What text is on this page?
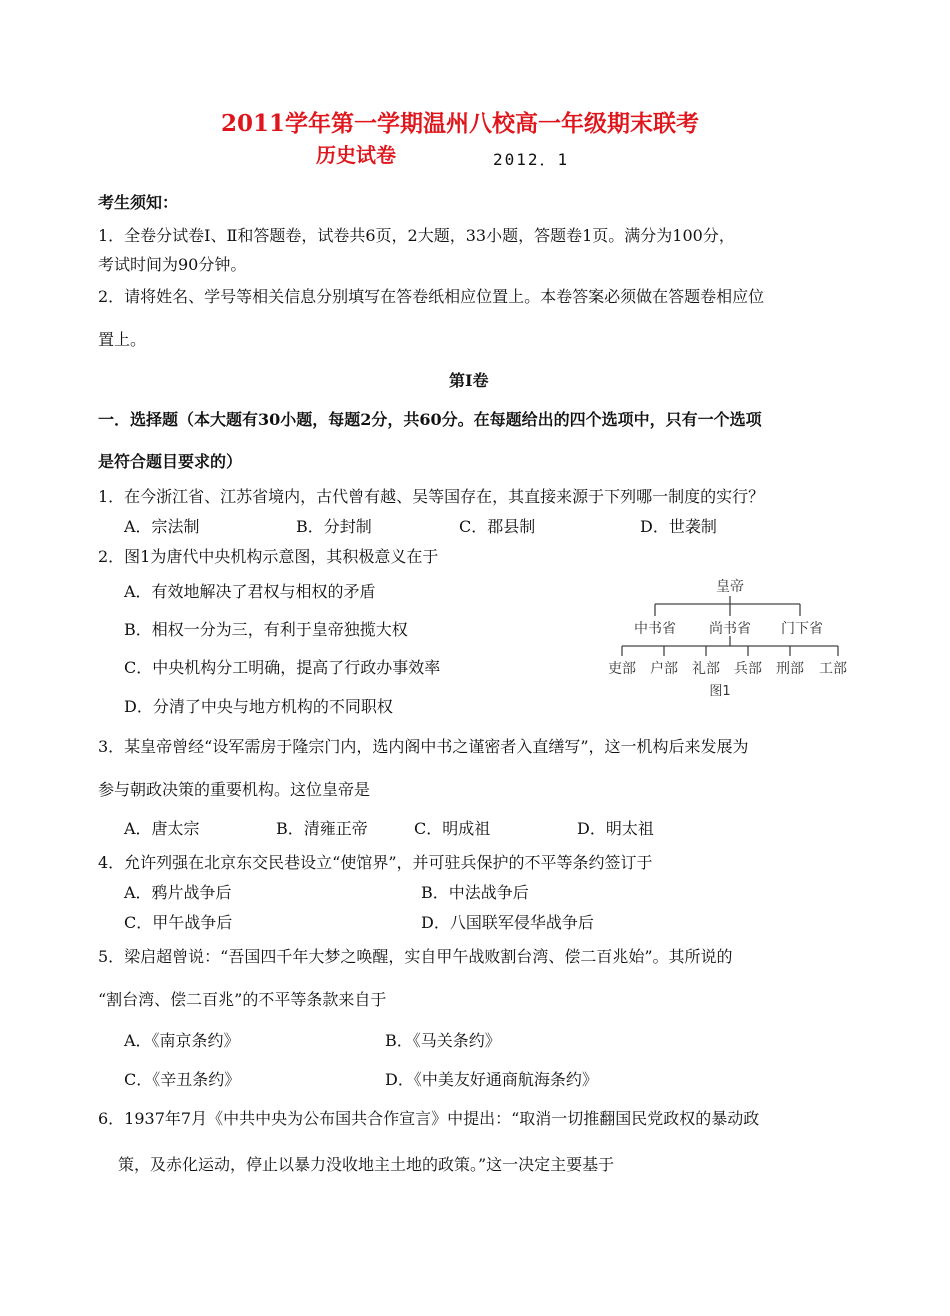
2011学年第一学期温州八校高一年级期末联考
历史试卷	2012．1
考生须知：
1．全卷分试卷Ⅰ、Ⅱ和答题卷，试卷共6页，2大题，33小题，答题卷1页。满分为100分，
考试时间为90分钟。
2．请将姓名、学号等相关信息分别填写在答卷纸相应位置上。本卷答案必须做在答题卷相应位
置上。
第Ⅰ卷
一．选择题（本大题有30小题，每题2分，共60分。在每题给出的四个选项中，只有一个选项
是符合题目要求的）
1．在今浙江省、江苏省境内，古代曾有越、吴等国存在，其直接来源于下列哪一制度的实行？
A．宗法制	B．分封制	C．郡县制	D．世袭制
2．图1为唐代中央机构示意图，其积极意义在于
A．有效地解决了君权与相权的矛盾
B．相权一分为三，有利于皇帝独揽大权
C．中央机构分工明确，提高了行政办事效率
D．分清了中央与地方机构的不同职权
皇帝
中书省 尚书省 门下省
吏部 户部 礼部 兵部 刑部 工部
图1
3．某皇帝曾经“设军需房于隆宗门内，选内阁中书之谨密者入直缮写”，这一机构后来发展为
参与朝政决策的重要机构。这位皇帝是
A．唐太宗	B．清雍正帝	C．明成祖	D．明太祖
4．允许列强在北京东交民巷设立“使馆界”，并可驻兵保护的不平等条约签订于
A．鸦片战争后	B．中法战争后
C．甲午战争后	D．八国联军侵华战争后
5．梁启超曾说：“吾国四千年大梦之唤醒，实自甲午战败割台湾、偿二百兆始”。其所说的
“割台湾、偿二百兆”的不平等条款来自于
A．《南京条约》	B．《马关条约》
C．《辛丑条约》	D．《中美友好通商航海条约》
6．1937年7月《中共中央为公布国共合作宣言》中提出：“取消一切推翻国民党政权的暴动政
策，及赤化运动，停止以暴力没收地主土地的政策。”这一决定主要基于
